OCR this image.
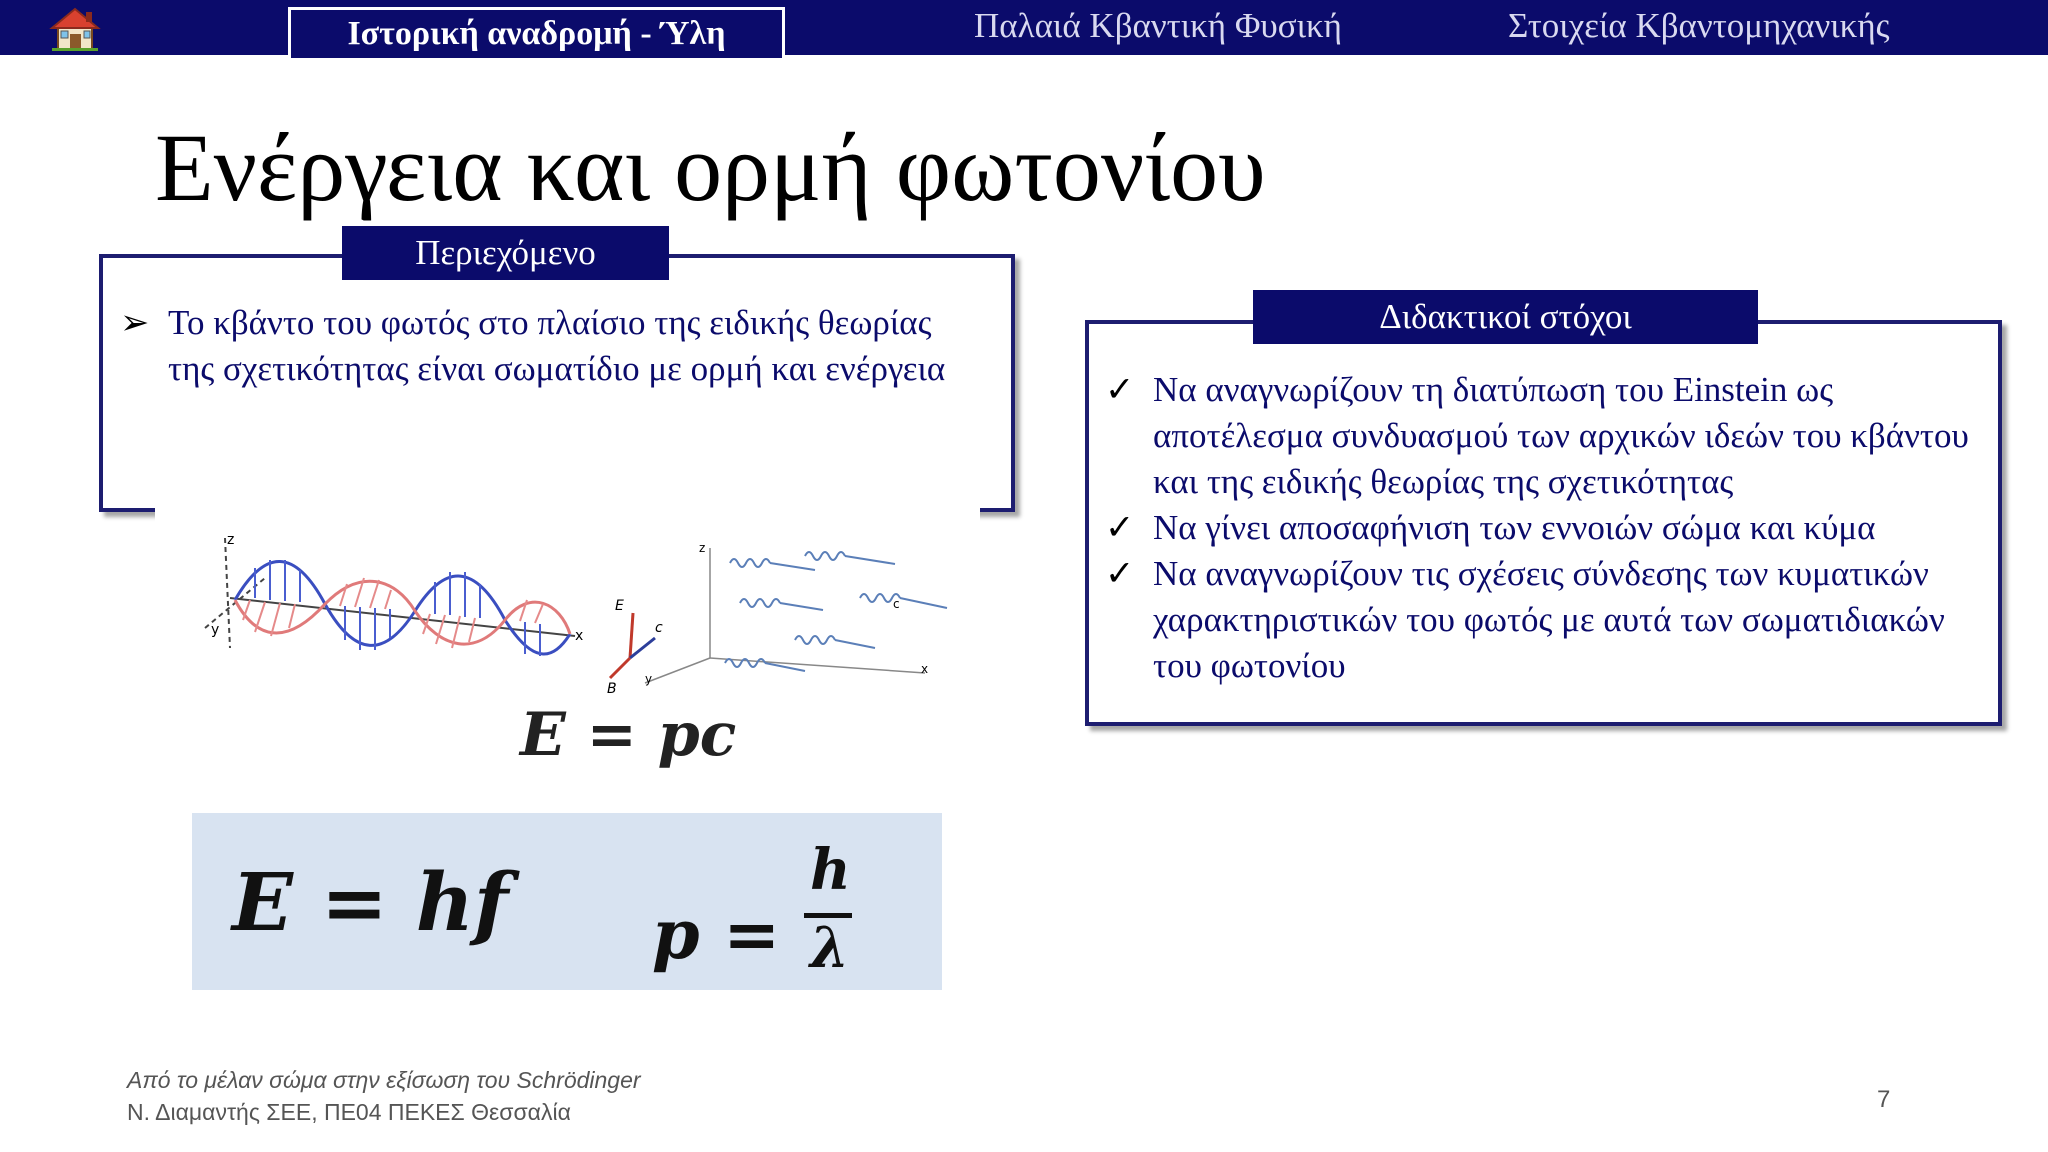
Ιστορική αναδρομή - Ύλη	Παλαιά Κβαντική Φυσική	Στοιχεία Κβαντομηχανικής
Ενέργεια και ορμή φωτονίου
Περιεχόμενο
➢ Το κβάντο του φωτός στο πλαίσιο της ειδικής θεωρίας της σχετικότητας είναι σωματίδιο με ορμή και ενέργεια
Διδακτικοί στόχοι
✓ Να αναγνωρίζουν τη διατύπωση του Einstein ως αποτέλεσμα συνδυασμού των αρχικών ιδεών του κβάντου και της ειδικής θεωρίας της σχετικότητας
✓ Να γίνει αποσαφήνιση των εννοιών σώμα και κύμα
✓ Να αναγνωρίζουν τις σχέσεις σύνδεσης των κυματικών χαρακτηριστικών του φωτός με αυτά των σωματιδιακών του φωτονίου
z
y	x
E
c
B
z
c
y
x
E = pc
E = hf p =
h
λ
Από το μέλαν σώμα στην εξίσωση του Schrödinger
Ν. Διαμαντής ΣΕΕ, ΠΕ04 ΠΕΚΕΣ Θεσσαλία	7
